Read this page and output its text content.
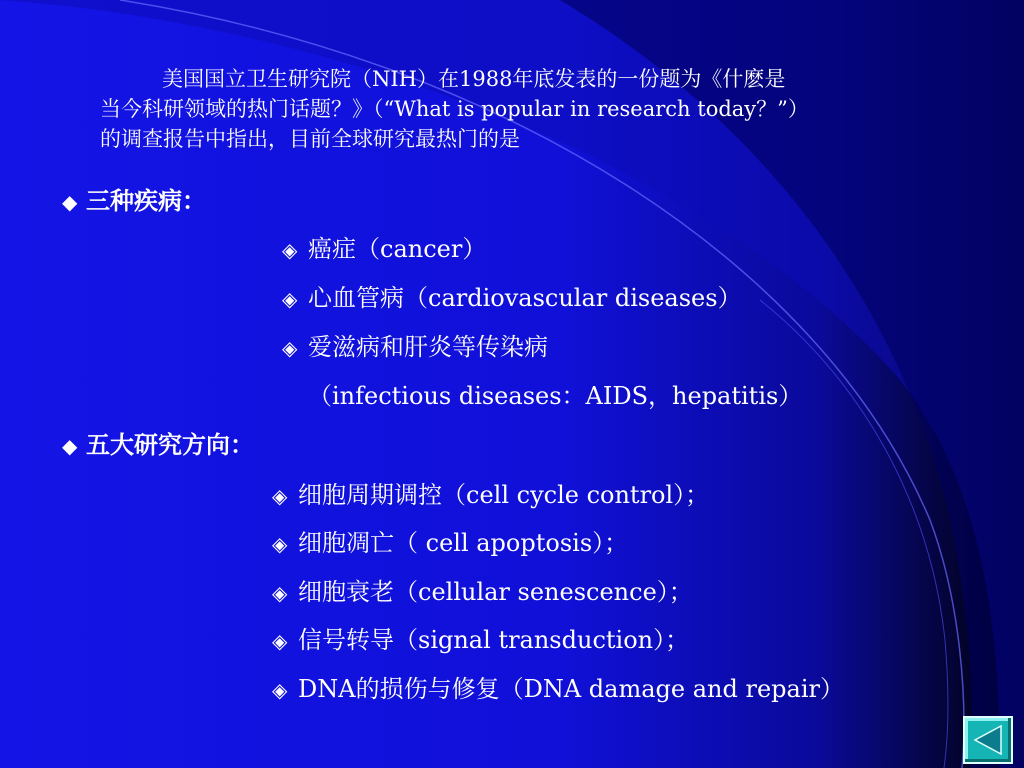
美国国立卫生研究院（NIH）在1988年底发表的一份题为《什麽是
当今科研领域的热门话题？》（“What is popular in research today？”）
的调查报告中指出，目前全球研究最热门的是
◆ 三种疾病：
◈ 癌症（cancer）
◈ 心血管病（cardiovascular diseases）
◈ 爱滋病和肝炎等传染病
（infectious diseases：AIDS，hepatitis）
◆ 五大研究方向：
◈ 细胞周期调控（cell cycle control）；
◈ 细胞凋亡（ cell apoptosis）；
◈ 细胞衰老（cellular senescence）；
◈ 信号转导（signal transduction）；
◈ DNA的损伤与修复（DNA damage and repair）
